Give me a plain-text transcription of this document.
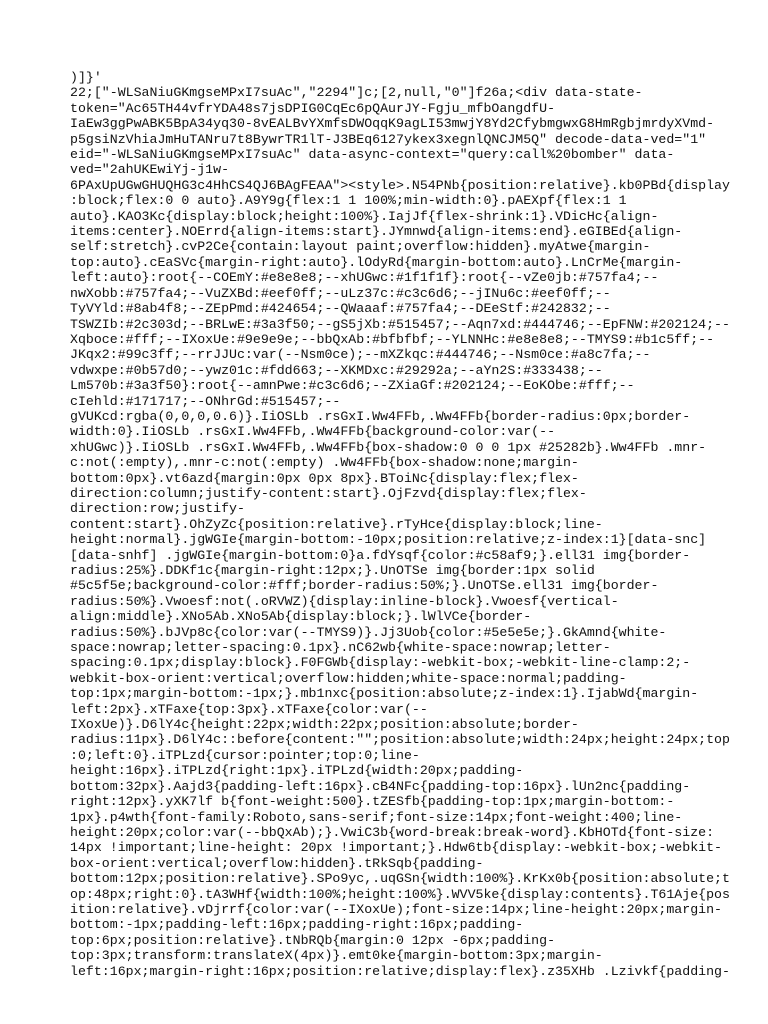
)]}'
22;["-WLSaNiuGKmgseMPxI7suAc","2294"]c;[2,null,"0"]f26a;<div data-state-
token="Ac65TH44vfrYDA48s7jsDPIG0CqEc6pQAurJY-Fgju_mfbOangdfU-
IaEw3ggPwABK5BpA34yq30-8vEALBvYXmfsDWOqqK9agLI53mwjY8Yd2CfybmgwxG8HmRgbjmrdyXVmd-
p5gsiNzVhiaJmHuTANru7t8BywrTR1lT-J3BEq6127ykex3xegnlQNCJM5Q" decode-data-ved="1"
eid="-WLSaNiuGKmgseMPxI7suAc" data-async-context="query:call%20bomber" data-
ved="2ahUKEwiYj-j1w-
6PAxUpUGwGHUQHG3c4HhCS4QJ6BAgFEAA"><style>.N54PNb{position:relative}.kb0PBd{display
:block;flex:0 0 auto}.A9Y9g{flex:1 1 100%;min-width:0}.pAEXpf{flex:1 1
auto}.KAO3Kc{display:block;height:100%}.IajJf{flex-shrink:1}.VDicHc{align-
items:center}.NOErrd{align-items:start}.JYmnwd{align-items:end}.eGIBEd{align-
self:stretch}.cvP2Ce{contain:layout paint;overflow:hidden}.myAtwe{margin-
top:auto}.cEaSVc{margin-right:auto}.lOdyRd{margin-bottom:auto}.LnCrMe{margin-
left:auto}:root{--COEmY:#e8e8e8;--xhUGwc:#1f1f1f}:root{--vZe0jb:#757fa4;--
nwXobb:#757fa4;--VuZXBd:#eef0ff;--uLz37c:#c3c6d6;--jINu6c:#eef0ff;--
TyVYld:#8ab4f8;--ZEpPmd:#424654;--QWaaaf:#757fa4;--DEeStf:#242832;--
TSWZIb:#2c303d;--BRLwE:#3a3f50;--gS5jXb:#515457;--Aqn7xd:#444746;--EpFNW:#202124;--
Xqboce:#fff;--IXoxUe:#9e9e9e;--bbQxAb:#bfbfbf;--YLNNHc:#e8e8e8;--TMYS9:#b1c5ff;--
JKqx2:#99c3ff;--rrJJUc:var(--Nsm0ce);--mXZkqc:#444746;--Nsm0ce:#a8c7fa;--
vdwxpe:#0b57d0;--ywz01c:#fdd663;--XKMDxc:#29292a;--aYn2S:#333438;--
Lm570b:#3a3f50}:root{--amnPwe:#c3c6d6;--ZXiaGf:#202124;--EoKObe:#fff;--
cIehld:#171717;--ONhrGd:#515457;--
gVUKcd:rgba(0,0,0,0.6)}.IiOSLb .rsGxI.Ww4FFb,.Ww4FFb{border-radius:0px;border-
width:0}.IiOSLb .rsGxI.Ww4FFb,.Ww4FFb{background-color:var(--
xhUGwc)}.IiOSLb .rsGxI.Ww4FFb,.Ww4FFb{box-shadow:0 0 0 1px #25282b}.Ww4FFb .mnr-
c:not(:empty),.mnr-c:not(:empty) .Ww4FFb{box-shadow:none;margin-
bottom:0px}.vt6azd{margin:0px 0px 8px}.BToiNc{display:flex;flex-
direction:column;justify-content:start}.OjFzvd{display:flex;flex-
direction:row;justify-
content:start}.OhZyZc{position:relative}.rTyHce{display:block;line-
height:normal}.jgWGIe{margin-bottom:-10px;position:relative;z-index:1}[data-snc]
[data-snhf] .jgWGIe{margin-bottom:0}a.fdYsqf{color:#c58af9;}.ell31 img{border-
radius:25%}.DDKf1c{margin-right:12px;}.UnOTSe img{border:1px solid
#5c5f5e;background-color:#fff;border-radius:50%;}.UnOTSe.ell31 img{border-
radius:50%}.Vwoesf:not(.oRVWZ){display:inline-block}.Vwoesf{vertical-
align:middle}.XNo5Ab.XNo5Ab{display:block;}.lWlVCe{border-
radius:50%}.bJVp8c{color:var(--TMYS9)}.Jj3Uob{color:#5e5e5e;}.GkAmnd{white-
space:nowrap;letter-spacing:0.1px}.nC62wb{white-space:nowrap;letter-
spacing:0.1px;display:block}.F0FGWb{display:-webkit-box;-webkit-line-clamp:2;-
webkit-box-orient:vertical;overflow:hidden;white-space:normal;padding-
top:1px;margin-bottom:-1px;}.mb1nxc{position:absolute;z-index:1}.IjabWd{margin-
left:2px}.xTFaxe{top:3px}.xTFaxe{color:var(--
IXoxUe)}.D6lY4c{height:22px;width:22px;position:absolute;border-
radius:11px}.D6lY4c::before{content:"";position:absolute;width:24px;height:24px;top
:0;left:0}.iTPLzd{cursor:pointer;top:0;line-
height:16px}.iTPLzd{right:1px}.iTPLzd{width:20px;padding-
bottom:32px}.Aajd3{padding-left:16px}.cB4NFc{padding-top:16px}.lUn2nc{padding-
right:12px}.yXK7lf b{font-weight:500}.tZESfb{padding-top:1px;margin-bottom:-
1px}.p4wth{font-family:Roboto,sans-serif;font-size:14px;font-weight:400;line-
height:20px;color:var(--bbQxAb);}.VwiC3b{word-break:break-word}.KbHOTd{font-size:
14px !important;line-height: 20px !important;}.Hdw6tb{display:-webkit-box;-webkit-
box-orient:vertical;overflow:hidden}.tRkSqb{padding-
bottom:12px;position:relative}.SPo9yc,.uqGSn{width:100%}.KrKx0b{position:absolute;t
op:48px;right:0}.tA3WHf{width:100%;height:100%}.WVV5ke{display:contents}.T61Aje{pos
ition:relative}.vDjrrf{color:var(--IXoxUe);font-size:14px;line-height:20px;margin-
bottom:-1px;padding-left:16px;padding-right:16px;padding-
top:6px;position:relative}.tNbRQb{margin:0 12px -6px;padding-
top:3px;transform:translateX(4px)}.emt0ke{margin-bottom:3px;margin-
left:16px;margin-right:16px;position:relative;display:flex}.z35XHb .Lzivkf{padding-
